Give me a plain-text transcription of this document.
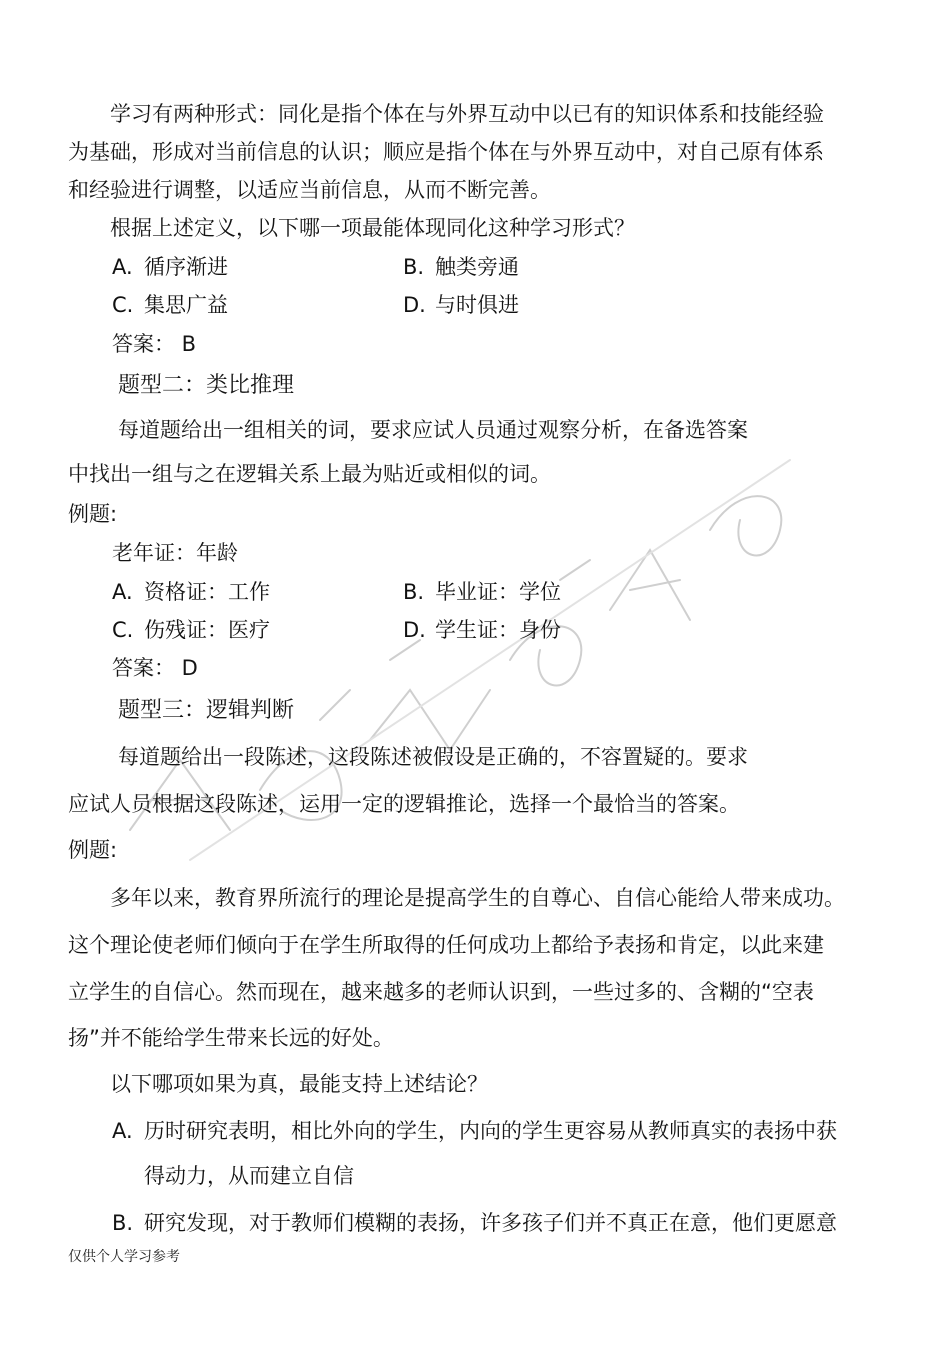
学习有两种形式：同化是指个体在与外界互动中以已有的知识体系和技能经验
为基础，形成对当前信息的认识；顺应是指个体在与外界互动中，对自己原有体系
和经验进行调整，以适应当前信息，从而不断完善。
根据上述定义，以下哪一项最能体现同化这种学习形式？
A. 循序渐进	B. 触类旁通
C. 集思广益	D. 与时俱进
答案： B
题型二：类比推理
每道题给出一组相关的词，要求应试人员通过观察分析，在备选答案
中找出一组与之在逻辑关系上最为贴近或相似的词。
例题:
老年证：年龄
A. 资格证：工作	B. 毕业证：学位
C. 伤残证：医疗	D. 学生证：身份
答案： D
题型三：逻辑判断
每道题给出一段陈述，这段陈述被假设是正确的，不容置疑的。要求
应试人员根据这段陈述，运用一定的逻辑推论，选择一个最恰当的答案。
例题:
多年以来，教育界所流行的理论是提高学生的自尊心、自信心能给人带来成功。
这个理论使老师们倾向于在学生所取得的任何成功上都给予表扬和肯定，以此来建
立学生的自信心。然而现在，越来越多的老师认识到，一些过多的、含糊的“空表
扬”并不能给学生带来长远的好处。
以下哪项如果为真，最能支持上述结论？
A. 历时研究表明，相比外向的学生，内向的学生更容易从教师真实的表扬中获
得动力，从而建立自信
B. 研究发现，对于教师们模糊的表扬，许多孩子们并不真正在意，他们更愿意
仅供个人学习参考
